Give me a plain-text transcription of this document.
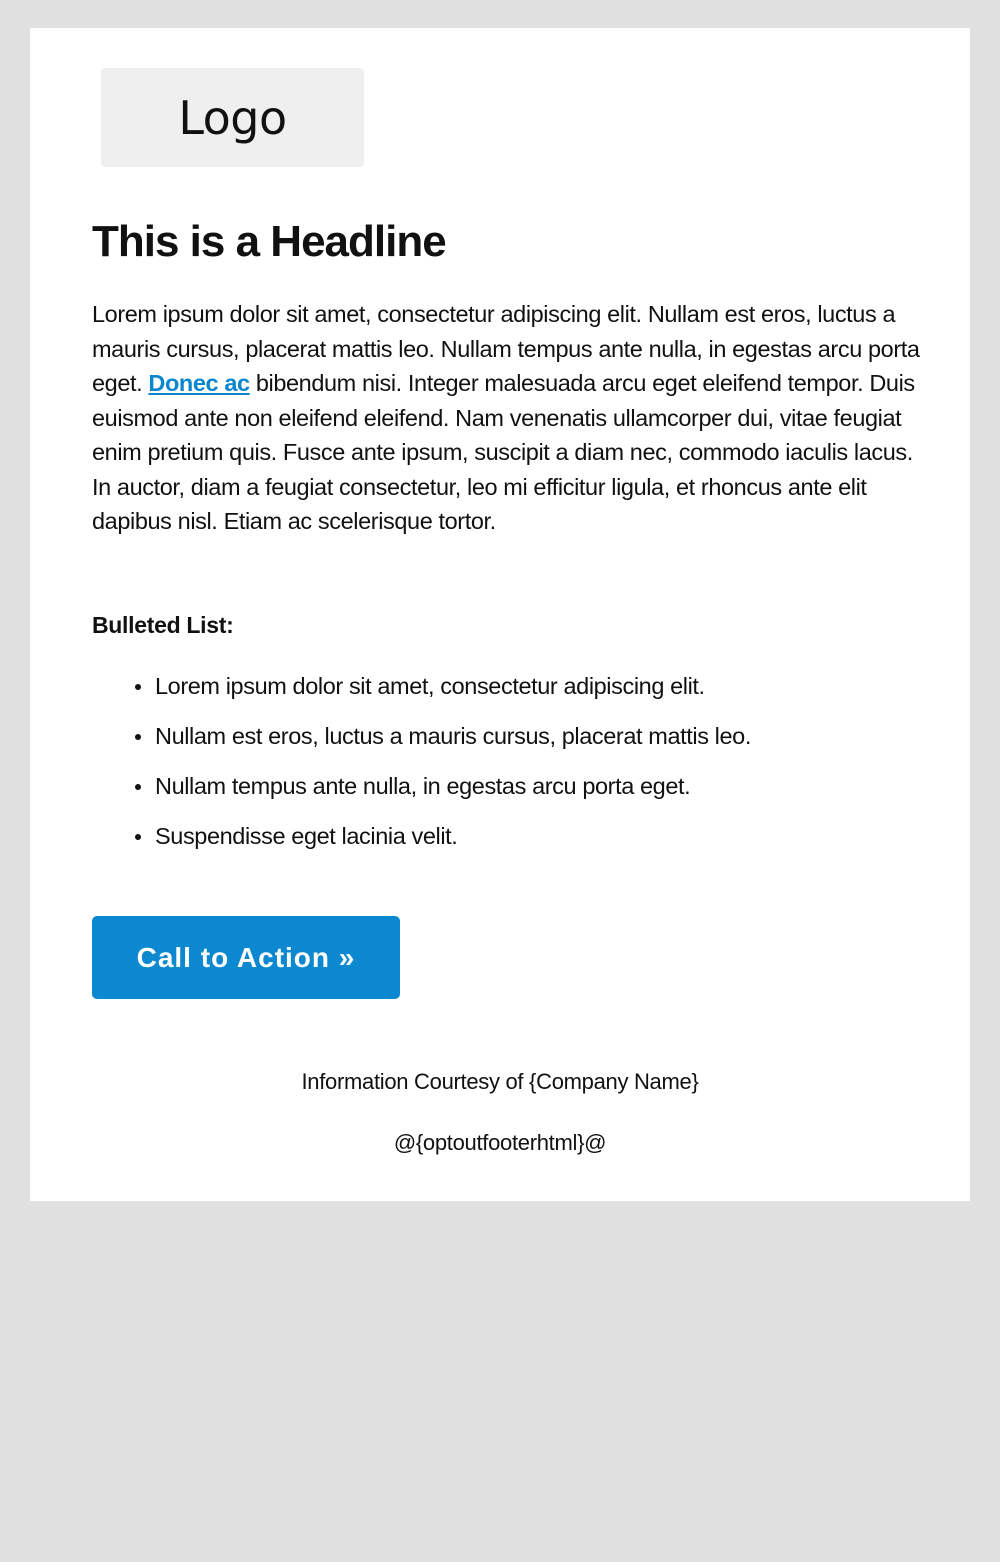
Logo
This is a Headline

Lorem ipsum dolor sit amet, consectetur adipiscing elit. Nullam est eros, luctus a mauris cursus, placerat mattis leo. Nullam tempus ante nulla, in egestas arcu porta eget. Donec ac bibendum nisi. Integer malesuada arcu eget eleifend tempor. Duis euismod ante non eleifend eleifend. Nam venenatis ullamcorper dui, vitae feugiat enim pretium quis. Fusce ante ipsum, suscipit a diam nec, commodo iaculis lacus. In auctor, diam a feugiat consectetur, leo mi efficitur ligula, et rhoncus ante elit dapibus nisl. Etiam ac scelerisque tortor.

Bulleted List:

Lorem ipsum dolor sit amet, consectetur adipiscing elit.
Nullam est eros, luctus a mauris cursus, placerat mattis leo.
Nullam tempus ante nulla, in egestas arcu porta eget.
Suspendisse eget lacinia velit.
Call to Action »

Information Courtesy of {Company Name}

@{optoutfooterhtml}@
